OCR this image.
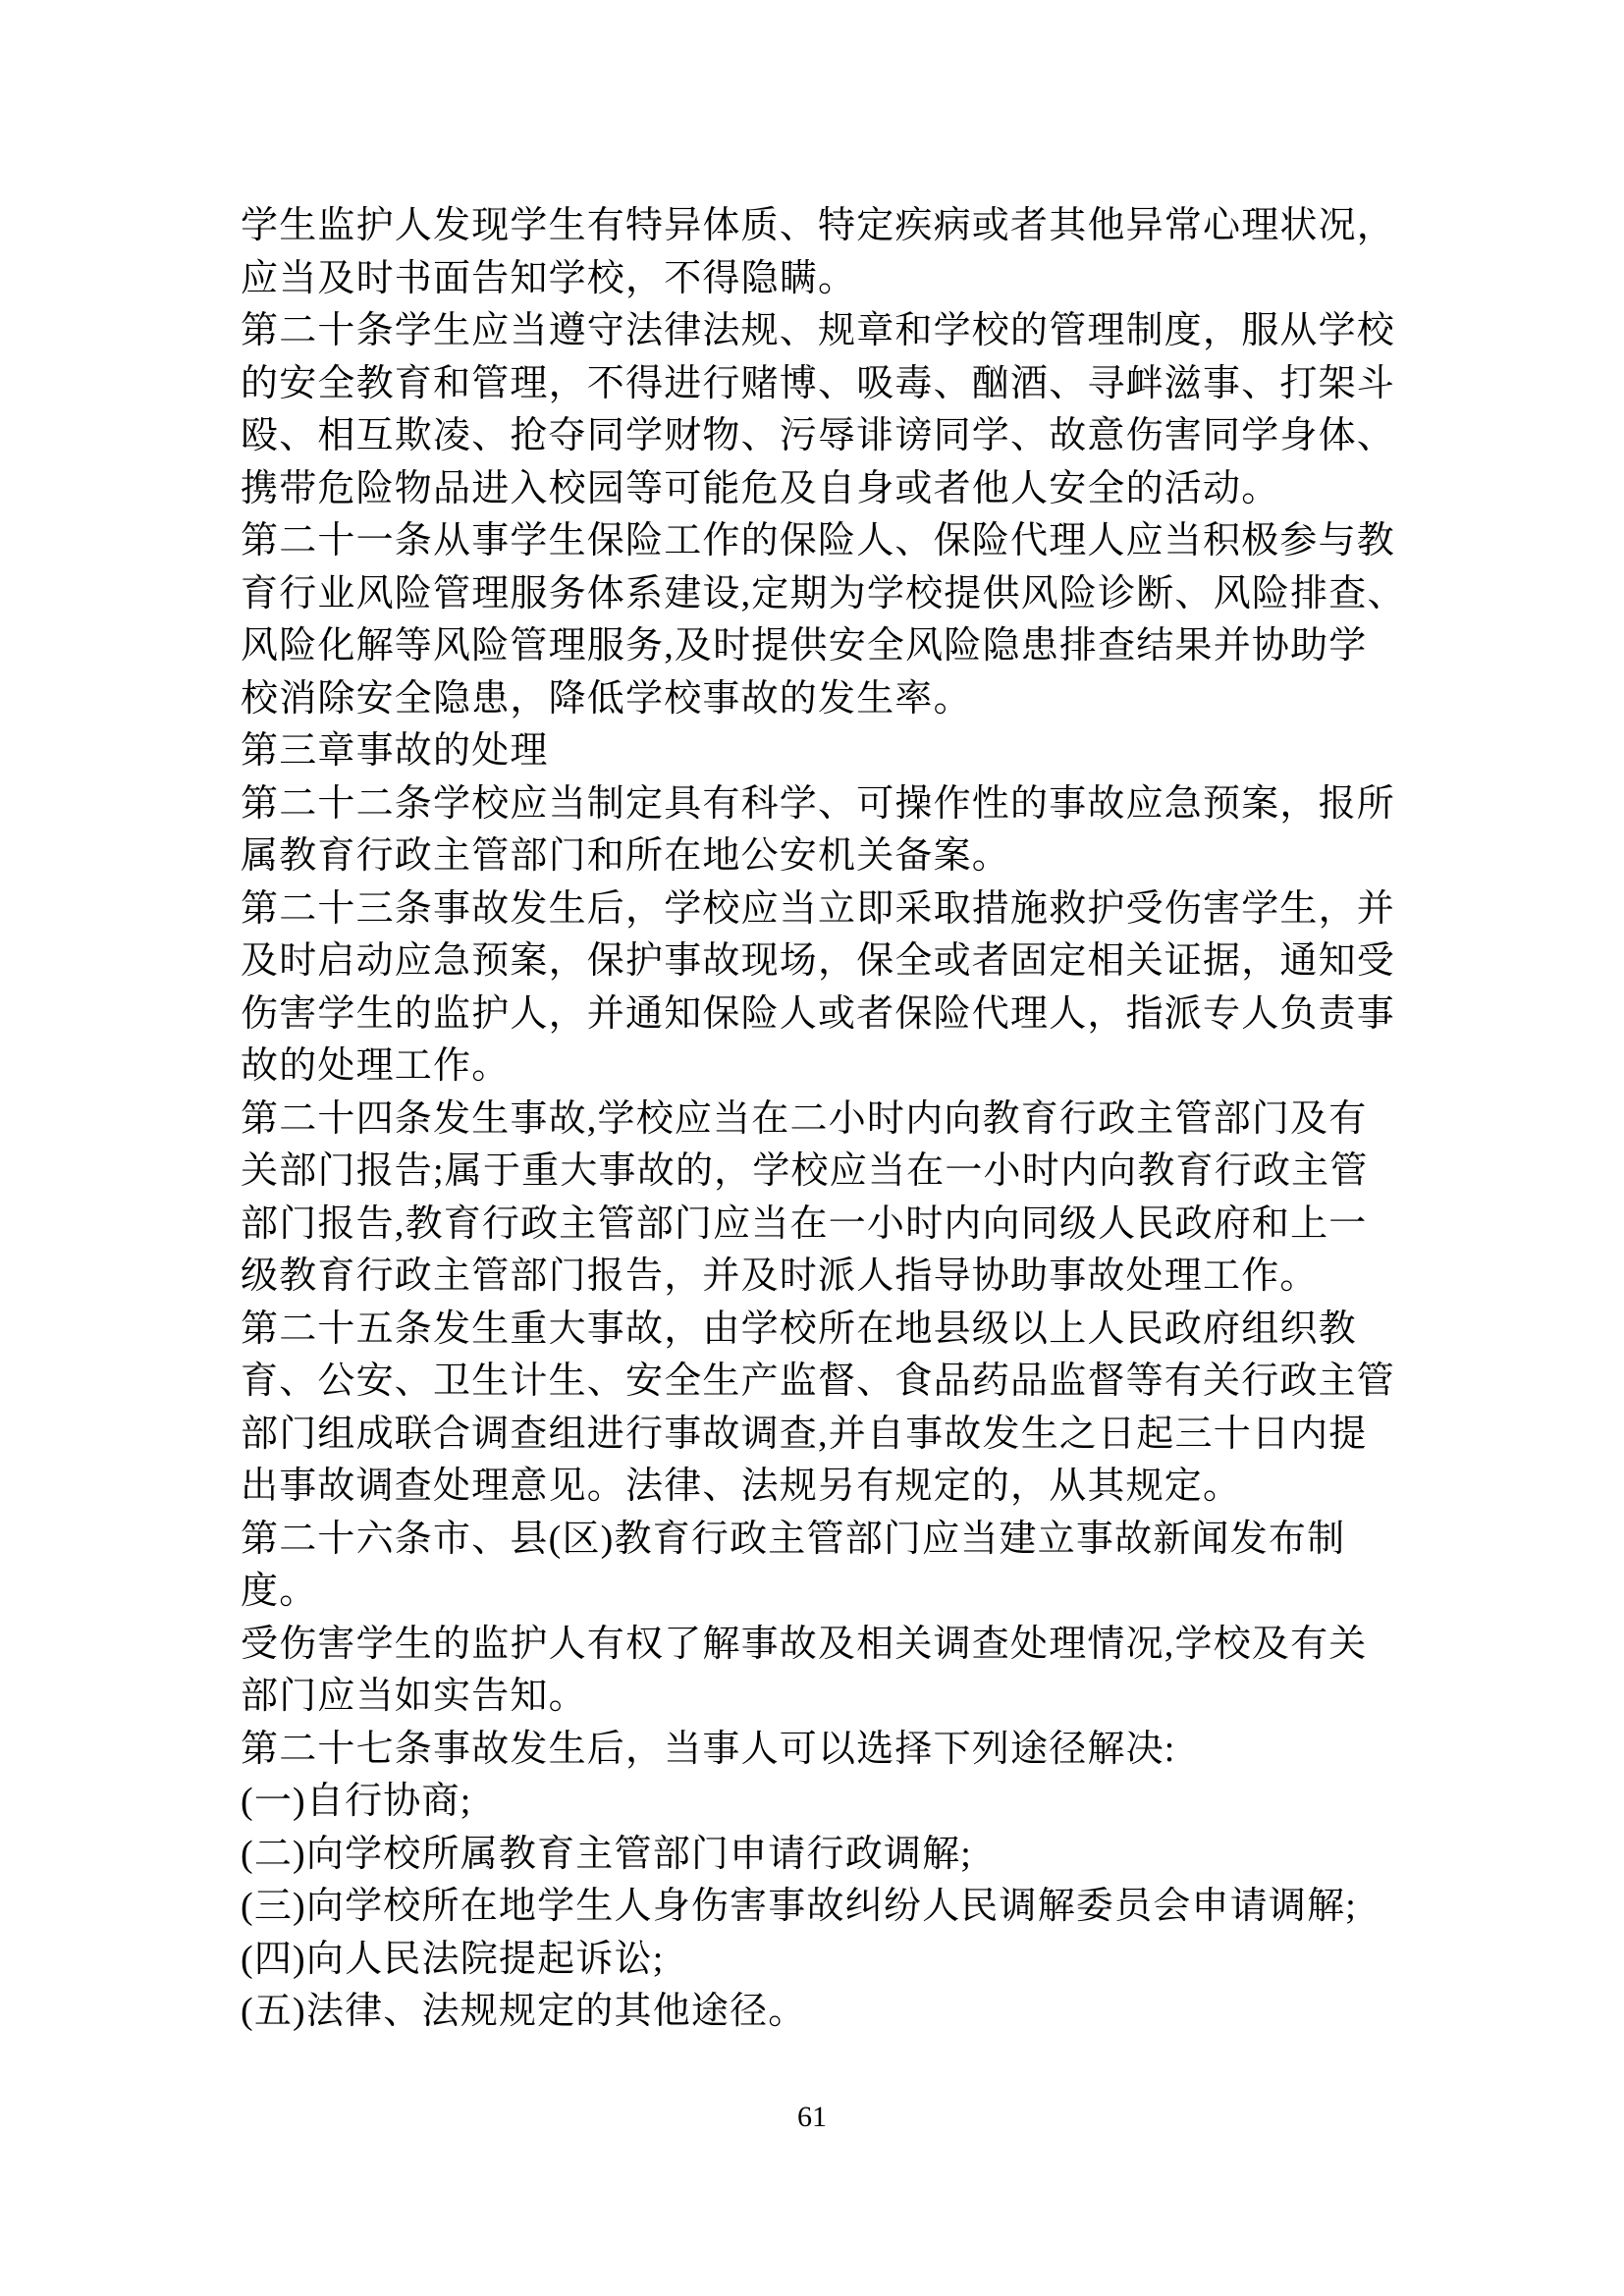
学生监护人发现学生有特异体质、特定疾病或者其他异常心理状况，
应当及时书面告知学校，不得隐瞒。
第二十条学生应当遵守法律法规、规章和学校的管理制度，服从学校
的安全教育和管理，不得进行赌博、吸毒、酗酒、寻衅滋事、打架斗
殴、相互欺凌、抢夺同学财物、污辱诽谤同学、故意伤害同学身体、
携带危险物品进入校园等可能危及自身或者他人安全的活动。
第二十一条从事学生保险工作的保险人、保险代理人应当积极参与教
育行业风险管理服务体系建设,定期为学校提供风险诊断、风险排查、
风险化解等风险管理服务,及时提供安全风险隐患排查结果并协助学
校消除安全隐患，降低学校事故的发生率。
第三章事故的处理
第二十二条学校应当制定具有科学、可操作性的事故应急预案，报所
属教育行政主管部门和所在地公安机关备案。
第二十三条事故发生后，学校应当立即采取措施救护受伤害学生，并
及时启动应急预案，保护事故现场，保全或者固定相关证据，通知受
伤害学生的监护人，并通知保险人或者保险代理人，指派专人负责事
故的处理工作。
第二十四条发生事故,学校应当在二小时内向教育行政主管部门及有
关部门报告;属于重大事故的，学校应当在一小时内向教育行政主管
部门报告,教育行政主管部门应当在一小时内向同级人民政府和上一
级教育行政主管部门报告，并及时派人指导协助事故处理工作。
第二十五条发生重大事故，由学校所在地县级以上人民政府组织教
育、公安、卫生计生、安全生产监督、食品药品监督等有关行政主管
部门组成联合调查组进行事故调查,并自事故发生之日起三十日内提
出事故调查处理意见。法律、法规另有规定的，从其规定。
第二十六条市、县(区)教育行政主管部门应当建立事故新闻发布制
度。
受伤害学生的监护人有权了解事故及相关调查处理情况,学校及有关
部门应当如实告知。
第二十七条事故发生后，当事人可以选择下列途径解决:
(一)自行协商;
(二)向学校所属教育主管部门申请行政调解;
(三)向学校所在地学生人身伤害事故纠纷人民调解委员会申请调解;
(四)向人民法院提起诉讼;
(五)法律、法规规定的其他途径。
61
